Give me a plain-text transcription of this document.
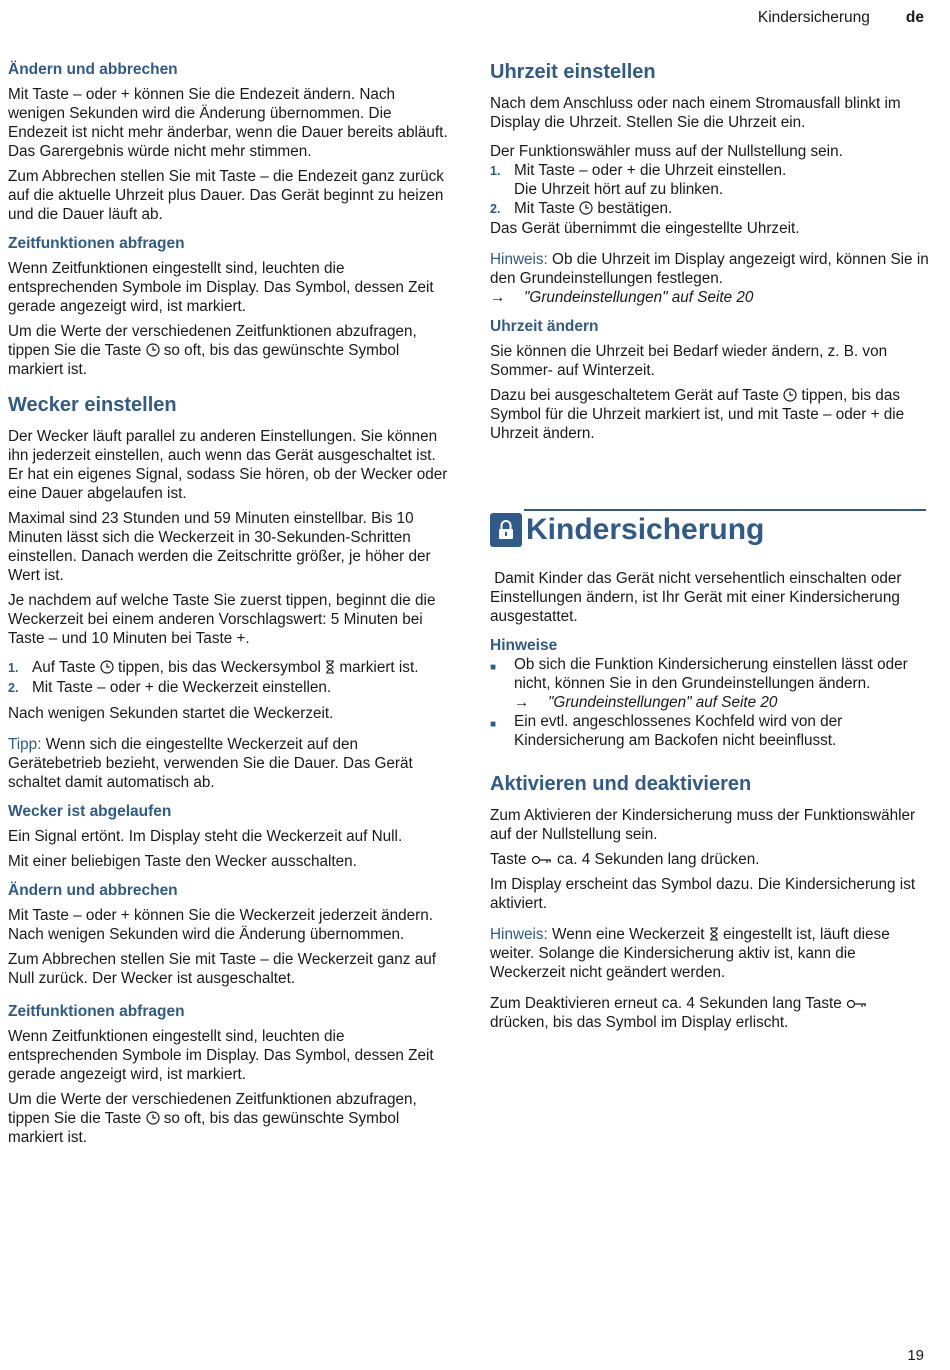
Kindersicherung de
Ändern und abbrechen

Mit Taste – oder + können Sie die Endezeit ändern. Nach wenigen Sekunden wird die Änderung übernommen. Die Endezeit ist nicht mehr änderbar, wenn die Dauer bereits abläuft. Das Garergebnis würde nicht mehr stimmen.

Zum Abbrechen stellen Sie mit Taste – die Endezeit ganz zurück auf die aktuelle Uhrzeit plus Dauer. Das Gerät beginnt zu heizen und die Dauer läuft ab.

Zeitfunktionen abfragen

Wenn Zeitfunktionen eingestellt sind, leuchten die entsprechenden Symbole im Display. Das Symbol, dessen Zeit gerade angezeigt wird, ist markiert.

Um die Werte der verschiedenen Zeitfunktionen abzufragen, tippen Sie die Taste  so oft, bis das gewünschte Symbol markiert ist.

Wecker einstellen

Der Wecker läuft parallel zu anderen Einstellungen. Sie können ihn jederzeit einstellen, auch wenn das Gerät ausgeschaltet ist. Er hat ein eigenes Signal, sodass Sie hören, ob der Wecker oder eine Dauer abgelaufen ist.

Maximal sind 23 Stunden und 59 Minuten einstellbar. Bis 10 Minuten lässt sich die Weckerzeit in 30-Sekunden-Schritten einstellen. Danach werden die Zeitschritte größer, je höher der Wert ist.

Je nachdem auf welche Taste Sie zuerst tippen, beginnt die die Weckerzeit bei einem anderen Vorschlagswert: 5 Minuten bei Taste – und 10 Minuten bei Taste +.

1. Auf Taste  tippen, bis das Weckersymbol  markiert ist.
2. Mit Taste – oder + die Weckerzeit einstellen.

Nach wenigen Sekunden startet die Weckerzeit.

Tipp: Wenn sich die eingestellte Weckerzeit auf den Gerätebetrieb bezieht, verwenden Sie die Dauer. Das Gerät schaltet damit automatisch ab.

Wecker ist abgelaufen

Ein Signal ertönt. Im Display steht die Weckerzeit auf Null.

Mit einer beliebigen Taste den Wecker ausschalten.

Ändern und abbrechen

Mit Taste – oder + können Sie die Weckerzeit jederzeit ändern. Nach wenigen Sekunden wird die Änderung übernommen.

Zum Abbrechen stellen Sie mit Taste – die Weckerzeit ganz auf Null zurück. Der Wecker ist ausgeschaltet.

Zeitfunktionen abfragen

Wenn Zeitfunktionen eingestellt sind, leuchten die entsprechenden Symbole im Display. Das Symbol, dessen Zeit gerade angezeigt wird, ist markiert.

Um die Werte der verschiedenen Zeitfunktionen abzufragen, tippen Sie die Taste  so oft, bis das gewünschte Symbol markiert ist.

Uhrzeit einstellen

Nach dem Anschluss oder nach einem Stromausfall blinkt im Display die Uhrzeit. Stellen Sie die Uhrzeit ein.

Der Funktionswähler muss auf der Nullstellung sein.

1. Mit Taste – oder + die Uhrzeit einstellen.
Die Uhrzeit hört auf zu blinken.
2. Mit Taste  bestätigen.

Das Gerät übernimmt die eingestellte Uhrzeit.

Hinweis: Ob die Uhrzeit im Display angezeigt wird, können Sie in den Grundeinstellungen festlegen.

→ "Grundeinstellungen" auf Seite 20

Uhrzeit ändern

Sie können die Uhrzeit bei Bedarf wieder ändern, z. B. von Sommer- auf Winterzeit.

Dazu bei ausgeschaltetem Gerät auf Taste  tippen, bis das Symbol für die Uhrzeit markiert ist, und mit Taste – oder + die Uhrzeit ändern.

Kindersicherung

Damit Kinder das Gerät nicht versehentlich einschalten oder Einstellungen ändern, ist Ihr Gerät mit einer Kindersicherung ausgestattet.

Hinweise
■	Ob sich die Funktion Kindersicherung einstellen lässt oder nicht, können Sie in den Grundeinstellungen ändern.
→ "Grundeinstellungen" auf Seite 20
■	Ein evtl. angeschlossenes Kochfeld wird von der Kindersicherung am Backofen nicht beeinflusst.
Aktivieren und deaktivieren

Zum Aktivieren der Kindersicherung muss der Funktionswähler auf der Nullstellung sein.

Taste  ca. 4 Sekunden lang drücken.

Im Display erscheint das Symbol dazu. Die Kindersicherung ist aktiviert.

Hinweis: Wenn eine Weckerzeit  eingestellt ist, läuft diese weiter. Solange die Kindersicherung aktiv ist, kann die Weckerzeit nicht geändert werden.

Zum Deaktivieren erneut ca. 4 Sekunden lang Taste  drücken, bis das Symbol im Display erlischt.

19
